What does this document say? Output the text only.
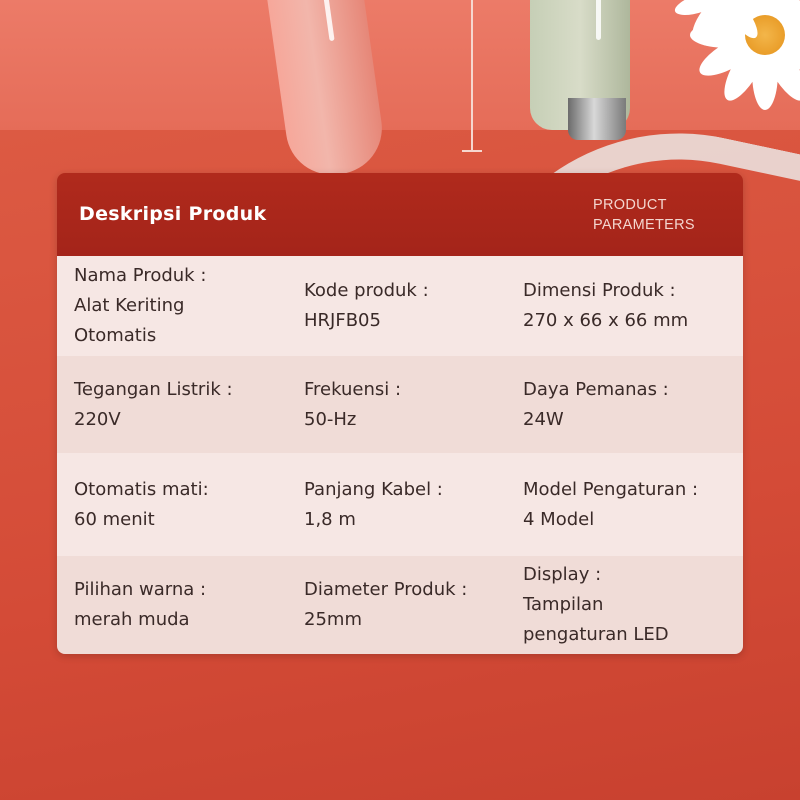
Deskripsi Produk	PRODUCT
PARAMETERS
Nama Produk :
Alat Keriting
Otomatis
Kode produk :
HRJFB05
Dimensi Produk :
270 x 66 x 66 mm
Tegangan Listrik :
220V
Frekuensi :
50-Hz
Daya Pemanas :
24W
Otomatis mati:
60 menit
Panjang Kabel :
1,8 m
Model Pengaturan :
4 Model
Pilihan warna :
merah muda
Diameter Produk :
25mm
Display :
Tampilan
pengaturan LED
